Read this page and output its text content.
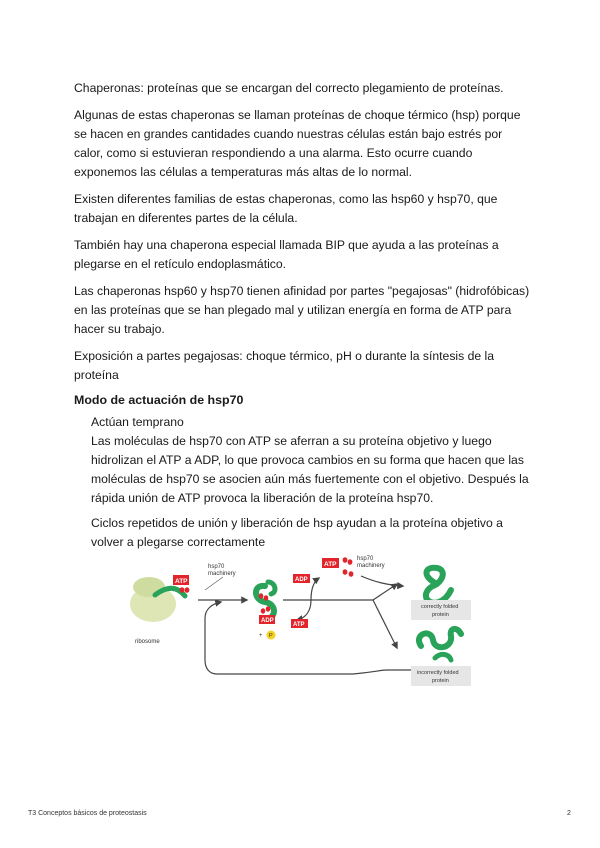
Chaperonas: proteínas que se encargan del correcto plegamiento de proteínas.

Algunas de estas chaperonas se llaman proteínas de choque térmico (hsp) porque se hacen en grandes cantidades cuando nuestras células están bajo estrés por calor, como si estuvieran respondiendo a una alarma. Esto ocurre cuando exponemos las células a temperaturas más altas de lo normal.

Existen diferentes familias de estas chaperonas, como las hsp60 y hsp70, que trabajan en diferentes partes de la célula.

También hay una chaperona especial llamada BIP que ayuda a las proteínas a plegarse en el retículo endoplasmático.

Las chaperonas hsp60 y hsp70 tienen afinidad por partes "pegajosas" (hidrofóbicas) en las proteínas que se han plegado mal y utilizan energía en forma de ATP para hacer su trabajo.

Exposición a partes pegajosas: choque térmico, pH o durante la síntesis de la proteína

Modo de actuación de hsp70
Actúan temprano

Las moléculas de hsp70 con ATP se aferran a su proteína objetivo y luego hidrolizan el ATP a ADP, lo que provoca cambios en su forma que hacen que las moléculas de hsp70 se asocien aún más fuertemente con el objetivo. Después la rápida unión de ATP provoca la liberación de la proteína hsp70.

Ciclos repetidos de unión y liberación de hsp ayudan a la proteína objetivo a volver a plegarse correctamente

ribosome
ATP
hsp70
machinery
ADP
+ P
ADP
ATP
ATP
hsp70
machinery
correctly folded
protein
incorrectly folded
protein
T3 Conceptos básicos de proteostasis	2
